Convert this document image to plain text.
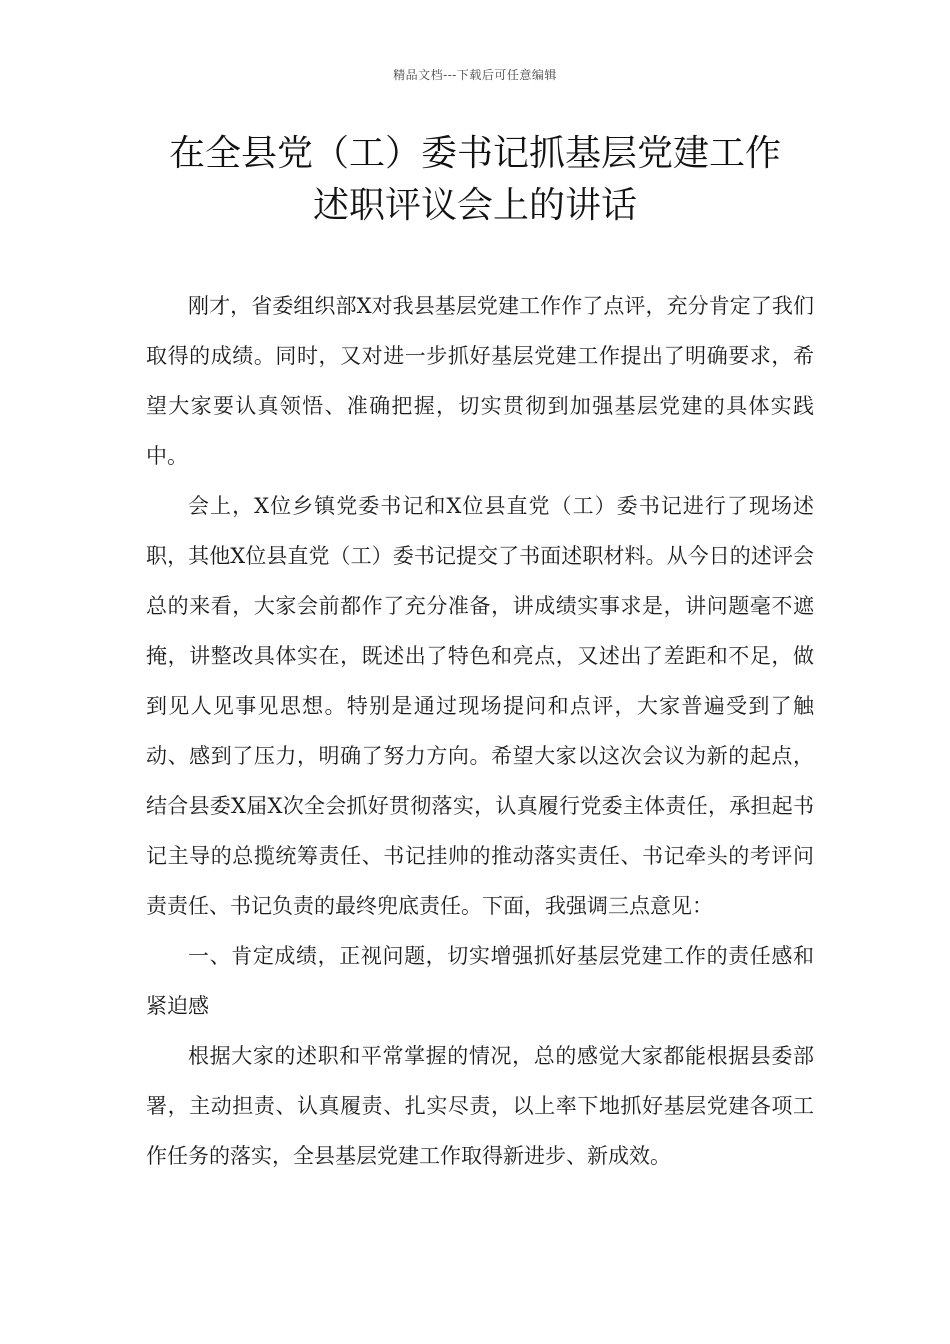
精品文档---下载后可任意编辑
在全县党（工）委书记抓基层党建工作
述职评议会上的讲话

刚才，省委组织部X对我县基层党建工作作了点评，充分肯定了我们取得的成绩。同时，又对进一步抓好基层党建工作提出了明确要求，希望大家要认真领悟、准确把握，切实贯彻到加强基层党建的具体实践中。

会上，X位乡镇党委书记和X位县直党（工）委书记进行了现场述职，其他X位县直党（工）委书记提交了书面述职材料。从今日的述评会总的来看，大家会前都作了充分准备，讲成绩实事求是，讲问题毫不遮掩，讲整改具体实在，既述出了特色和亮点，又述出了差距和不足，做到见人见事见思想。特别是通过现场提问和点评，大家普遍受到了触动、感到了压力，明确了努力方向。希望大家以这次会议为新的起点，结合县委X届X次全会抓好贯彻落实，认真履行党委主体责任，承担起书记主导的总揽统筹责任、书记挂帅的推动落实责任、书记牵头的考评问责责任、书记负责的最终兜底责任。下面，我强调三点意见：

一、肯定成绩，正视问题，切实增强抓好基层党建工作的责任感和紧迫感

根据大家的述职和平常掌握的情况，总的感觉大家都能根据县委部署，主动担责、认真履责、扎实尽责，以上率下地抓好基层党建各项工作任务的落实，全县基层党建工作取得新进步、新成效。
